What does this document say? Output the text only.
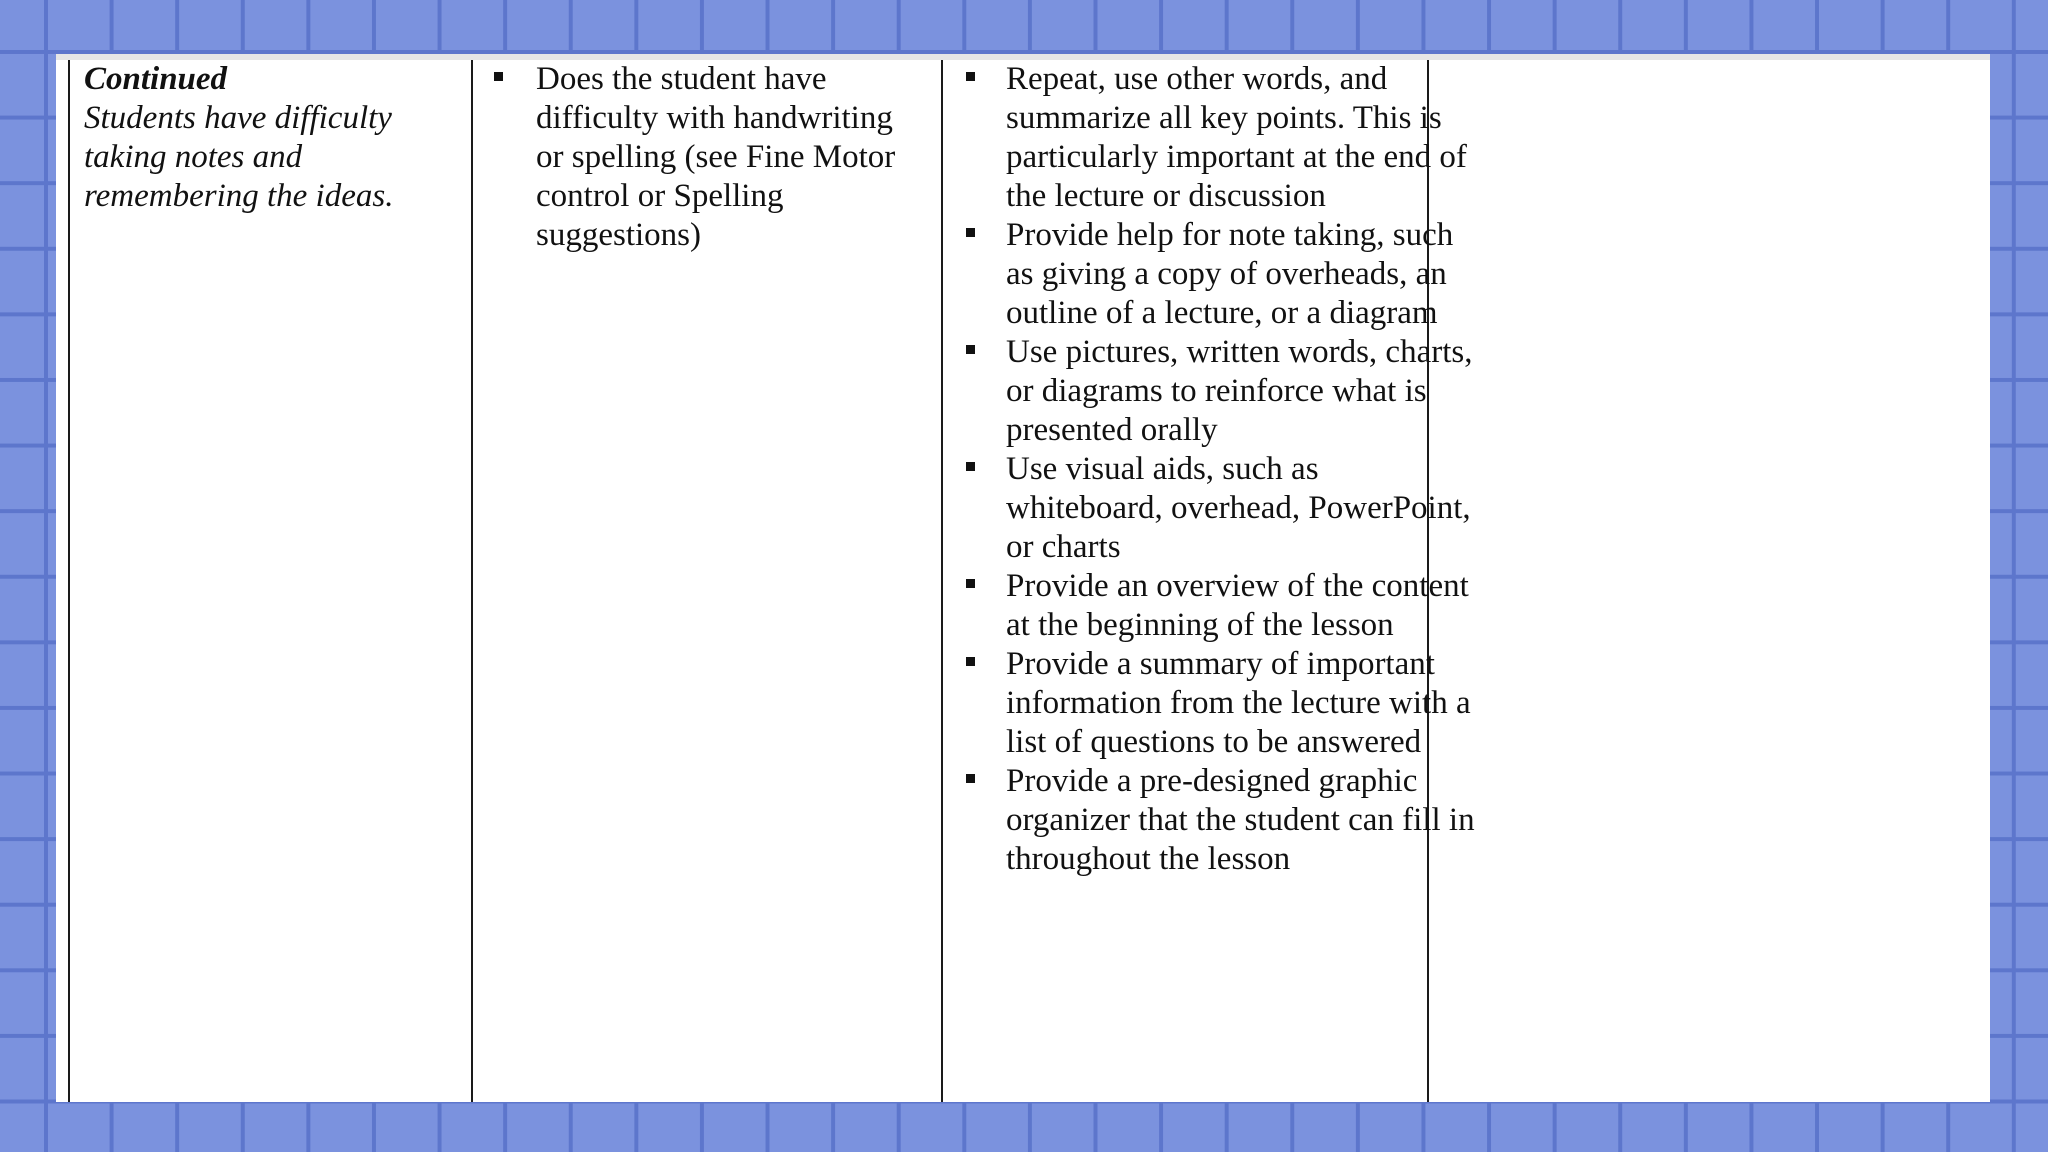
Continued
Students have difficulty taking notes and remembering the ideas.
Does the student have difficulty with handwriting or spelling (see Fine Motor control or Spelling suggestions)
Repeat, use other words, and summarize all key points. This is particularly important at the end of the lecture or discussion
Provide help for note taking, such as giving a copy of overheads, an outline of a lecture, or a diagram
Use pictures, written words, charts, or diagrams to reinforce what is presented orally
Use visual aids, such as whiteboard, overhead, PowerPoint, or charts
Provide an overview of the content at the beginning of the lesson
Provide a summary of important information from the lecture with a list of questions to be answered
Provide a pre-designed graphic organizer that the student can fill in throughout the lesson
